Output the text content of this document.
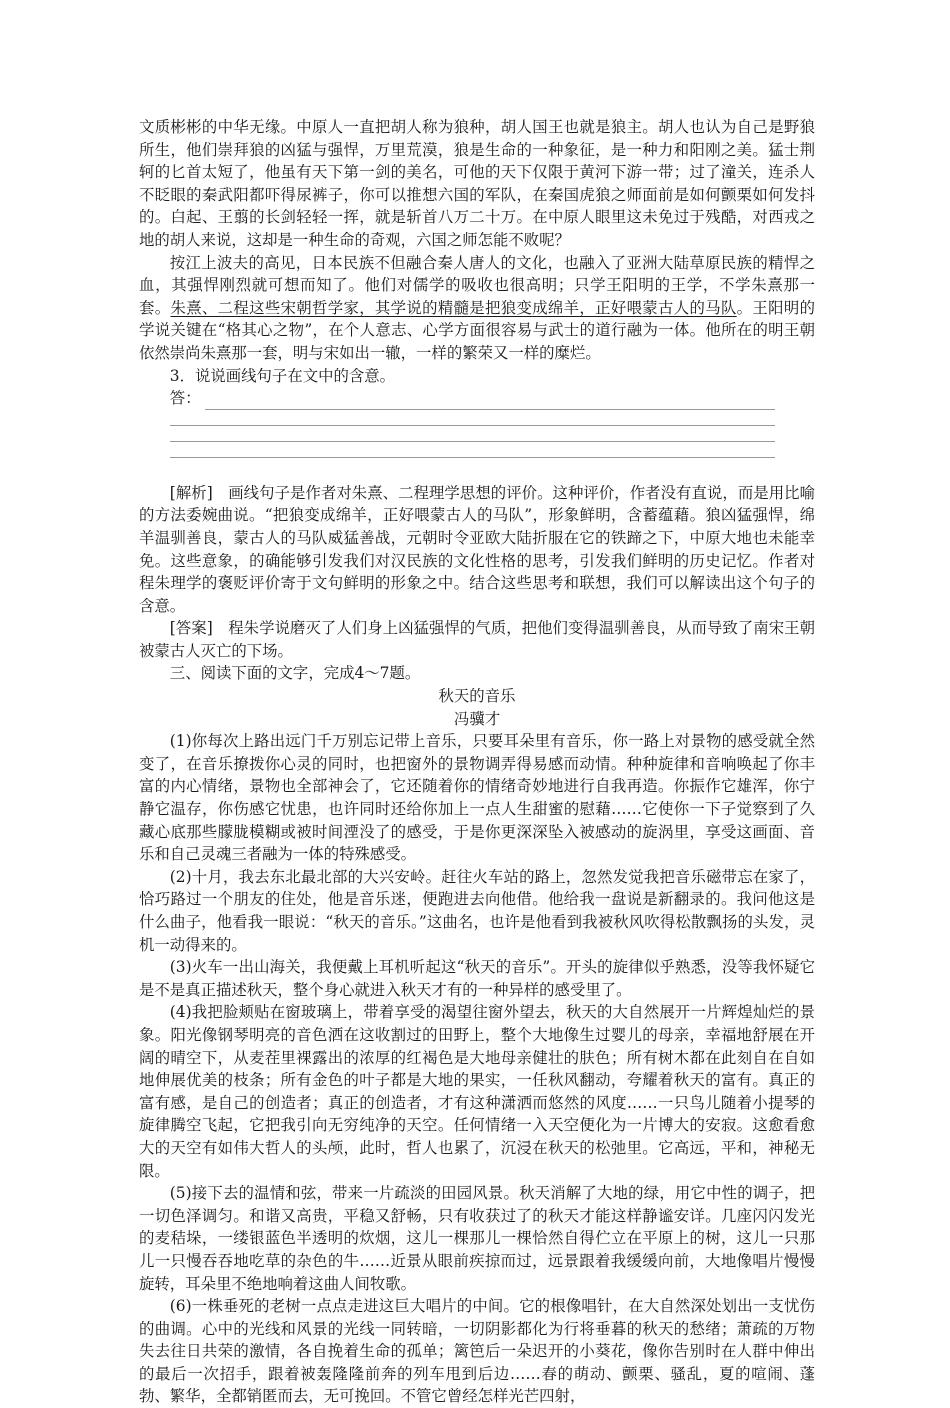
文质彬彬的中华无缘。中原人一直把胡人称为狼种，胡人国王也就是狼主。胡人也认为自己是野狼所生，他们崇拜狼的凶猛与强悍，万里荒漠，狼是生命的一种象征，是一种力和阳刚之美。猛士荆轲的匕首太短了，他虽有天下第一剑的美名，可他的天下仅限于黄河下游一带；过了潼关，连杀人不眨眼的秦武阳都吓得尿裤子，你可以推想六国的军队，在秦国虎狼之师面前是如何颤栗如何发抖的。白起、王翦的长剑轻轻一挥，就是斩首八万二十万。在中原人眼里这未免过于残酷，对西戎之地的胡人来说，这却是一种生命的奇观，六国之师怎能不败呢？

按江上波夫的高见，日本民族不但融合秦人唐人的文化，也融入了亚洲大陆草原民族的精悍之血，其强悍刚烈就可想而知了。他们对儒学的吸收也很高明；只学王阳明的王学，不学朱熹那一套。朱熹、二程这些宋朝哲学家，其学说的精髓是把狼变成绵羊，正好喂蒙古人的马队。王阳明的学说关键在“格其心之物”，在个人意志、心学方面很容易与武士的道行融为一体。他所在的明王朝依然崇尚朱熹那一套，明与宋如出一辙，一样的繁荣又一样的糜烂。

3．说说画线句子在文中的含意。

答：

[解析]　画线句子是作者对朱熹、二程理学思想的评价。这种评价，作者没有直说，而是用比喻的方法委婉曲说。“把狼变成绵羊，正好喂蒙古人的马队”，形象鲜明，含蓄蕴藉。狼凶猛强悍，绵羊温驯善良，蒙古人的马队威猛善战，元朝时令亚欧大陆折服在它的铁蹄之下，中原大地也未能幸免。这些意象，的确能够引发我们对汉民族的文化性格的思考，引发我们鲜明的历史记忆。作者对程朱理学的褒贬评价寄于文句鲜明的形象之中。结合这些思考和联想，我们可以解读出这个句子的含意。

[答案]　程朱学说磨灭了人们身上凶猛强悍的气质，把他们变得温驯善良，从而导致了南宋王朝被蒙古人灭亡的下场。

三、阅读下面的文字，完成4～7题。

秋天的音乐

冯骥才

(1)你每次上路出远门千万别忘记带上音乐，只要耳朵里有音乐，你一路上对景物的感受就全然变了，在音乐撩拨你心灵的同时，也把窗外的景物调弄得易感而动情。种种旋律和音响唤起了你丰富的内心情绪，景物也全部神会了，它还随着你的情绪奇妙地进行自我再造。你振作它雄浑，你宁静它温存，你伤感它忧患，也许同时还给你加上一点人生甜蜜的慰藉……它使你一下子觉察到了久藏心底那些朦胧模糊或被时间湮没了的感受，于是你更深深坠入被感动的旋涡里，享受这画面、音乐和自己灵魂三者融为一体的特殊感受。

(2)十月，我去东北最北部的大兴安岭。赶往火车站的路上，忽然发觉我把音乐磁带忘在家了，恰巧路过一个朋友的住处，他是音乐迷，便跑进去向他借。他给我一盘说是新翻录的。我问他这是什么曲子，他看我一眼说：“秋天的音乐。”这曲名，也许是他看到我被秋风吹得松散飘扬的头发，灵机一动得来的。

(3)火车一出山海关，我便戴上耳机听起这“秋天的音乐”。开头的旋律似乎熟悉，没等我怀疑它是不是真正描述秋天，整个身心就进入秋天才有的一种异样的感受里了。

(4)我把脸颊贴在窗玻璃上，带着享受的渴望往窗外望去，秋天的大自然展开一片辉煌灿烂的景象。阳光像钢琴明亮的音色洒在这收割过的田野上，整个大地像生过婴儿的母亲，幸福地舒展在开阔的晴空下，从麦茬里裸露出的浓厚的红褐色是大地母亲健壮的肤色；所有树木都在此刻自在自如地伸展优美的枝条；所有金色的叶子都是大地的果实，一任秋风翻动，夸耀着秋天的富有。真正的富有感，是自己的创造者；真正的创造者，才有这种潇洒而悠然的风度……一只鸟儿随着小提琴的旋律腾空飞起，它把我引向无穷纯净的天空。任何情绪一入天空便化为一片博大的安寂。这愈看愈大的天空有如伟大哲人的头颅，此时，哲人也累了，沉浸在秋天的松弛里。它高远，平和，神秘无限。

(5)接下去的温情和弦，带来一片疏淡的田园风景。秋天消解了大地的绿，用它中性的调子，把一切色泽调匀。和谐又高贵，平稳又舒畅，只有收获过了的秋天才能这样静谧安详。几座闪闪发光的麦秸垛，一缕银蓝色半透明的炊烟，这儿一棵那儿一棵恰然自得伫立在平原上的树，这儿一只那儿一只慢吞吞地吃草的杂色的牛……近景从眼前疾掠而过，远景跟着我缓缓向前，大地像唱片慢慢旋转，耳朵里不绝地响着这曲人间牧歌。

(6)一株垂死的老树一点点走进这巨大唱片的中间。它的根像唱针，在大自然深处划出一支忧伤的曲调。心中的光线和风景的光线一同转暗，一切阴影都化为行将垂暮的秋天的愁绪；萧疏的万物失去往日共荣的激情，各自挽着生命的孤单；篱笆后一朵迟开的小葵花，像你告别时在人群中伸出的最后一次招手，跟着被轰隆隆前奔的列车甩到后边……春的萌动、颤栗、骚乱，夏的喧闹、蓬勃、繁华，全都销匿而去，无可挽回。不管它曾经怎样光芒四射，
